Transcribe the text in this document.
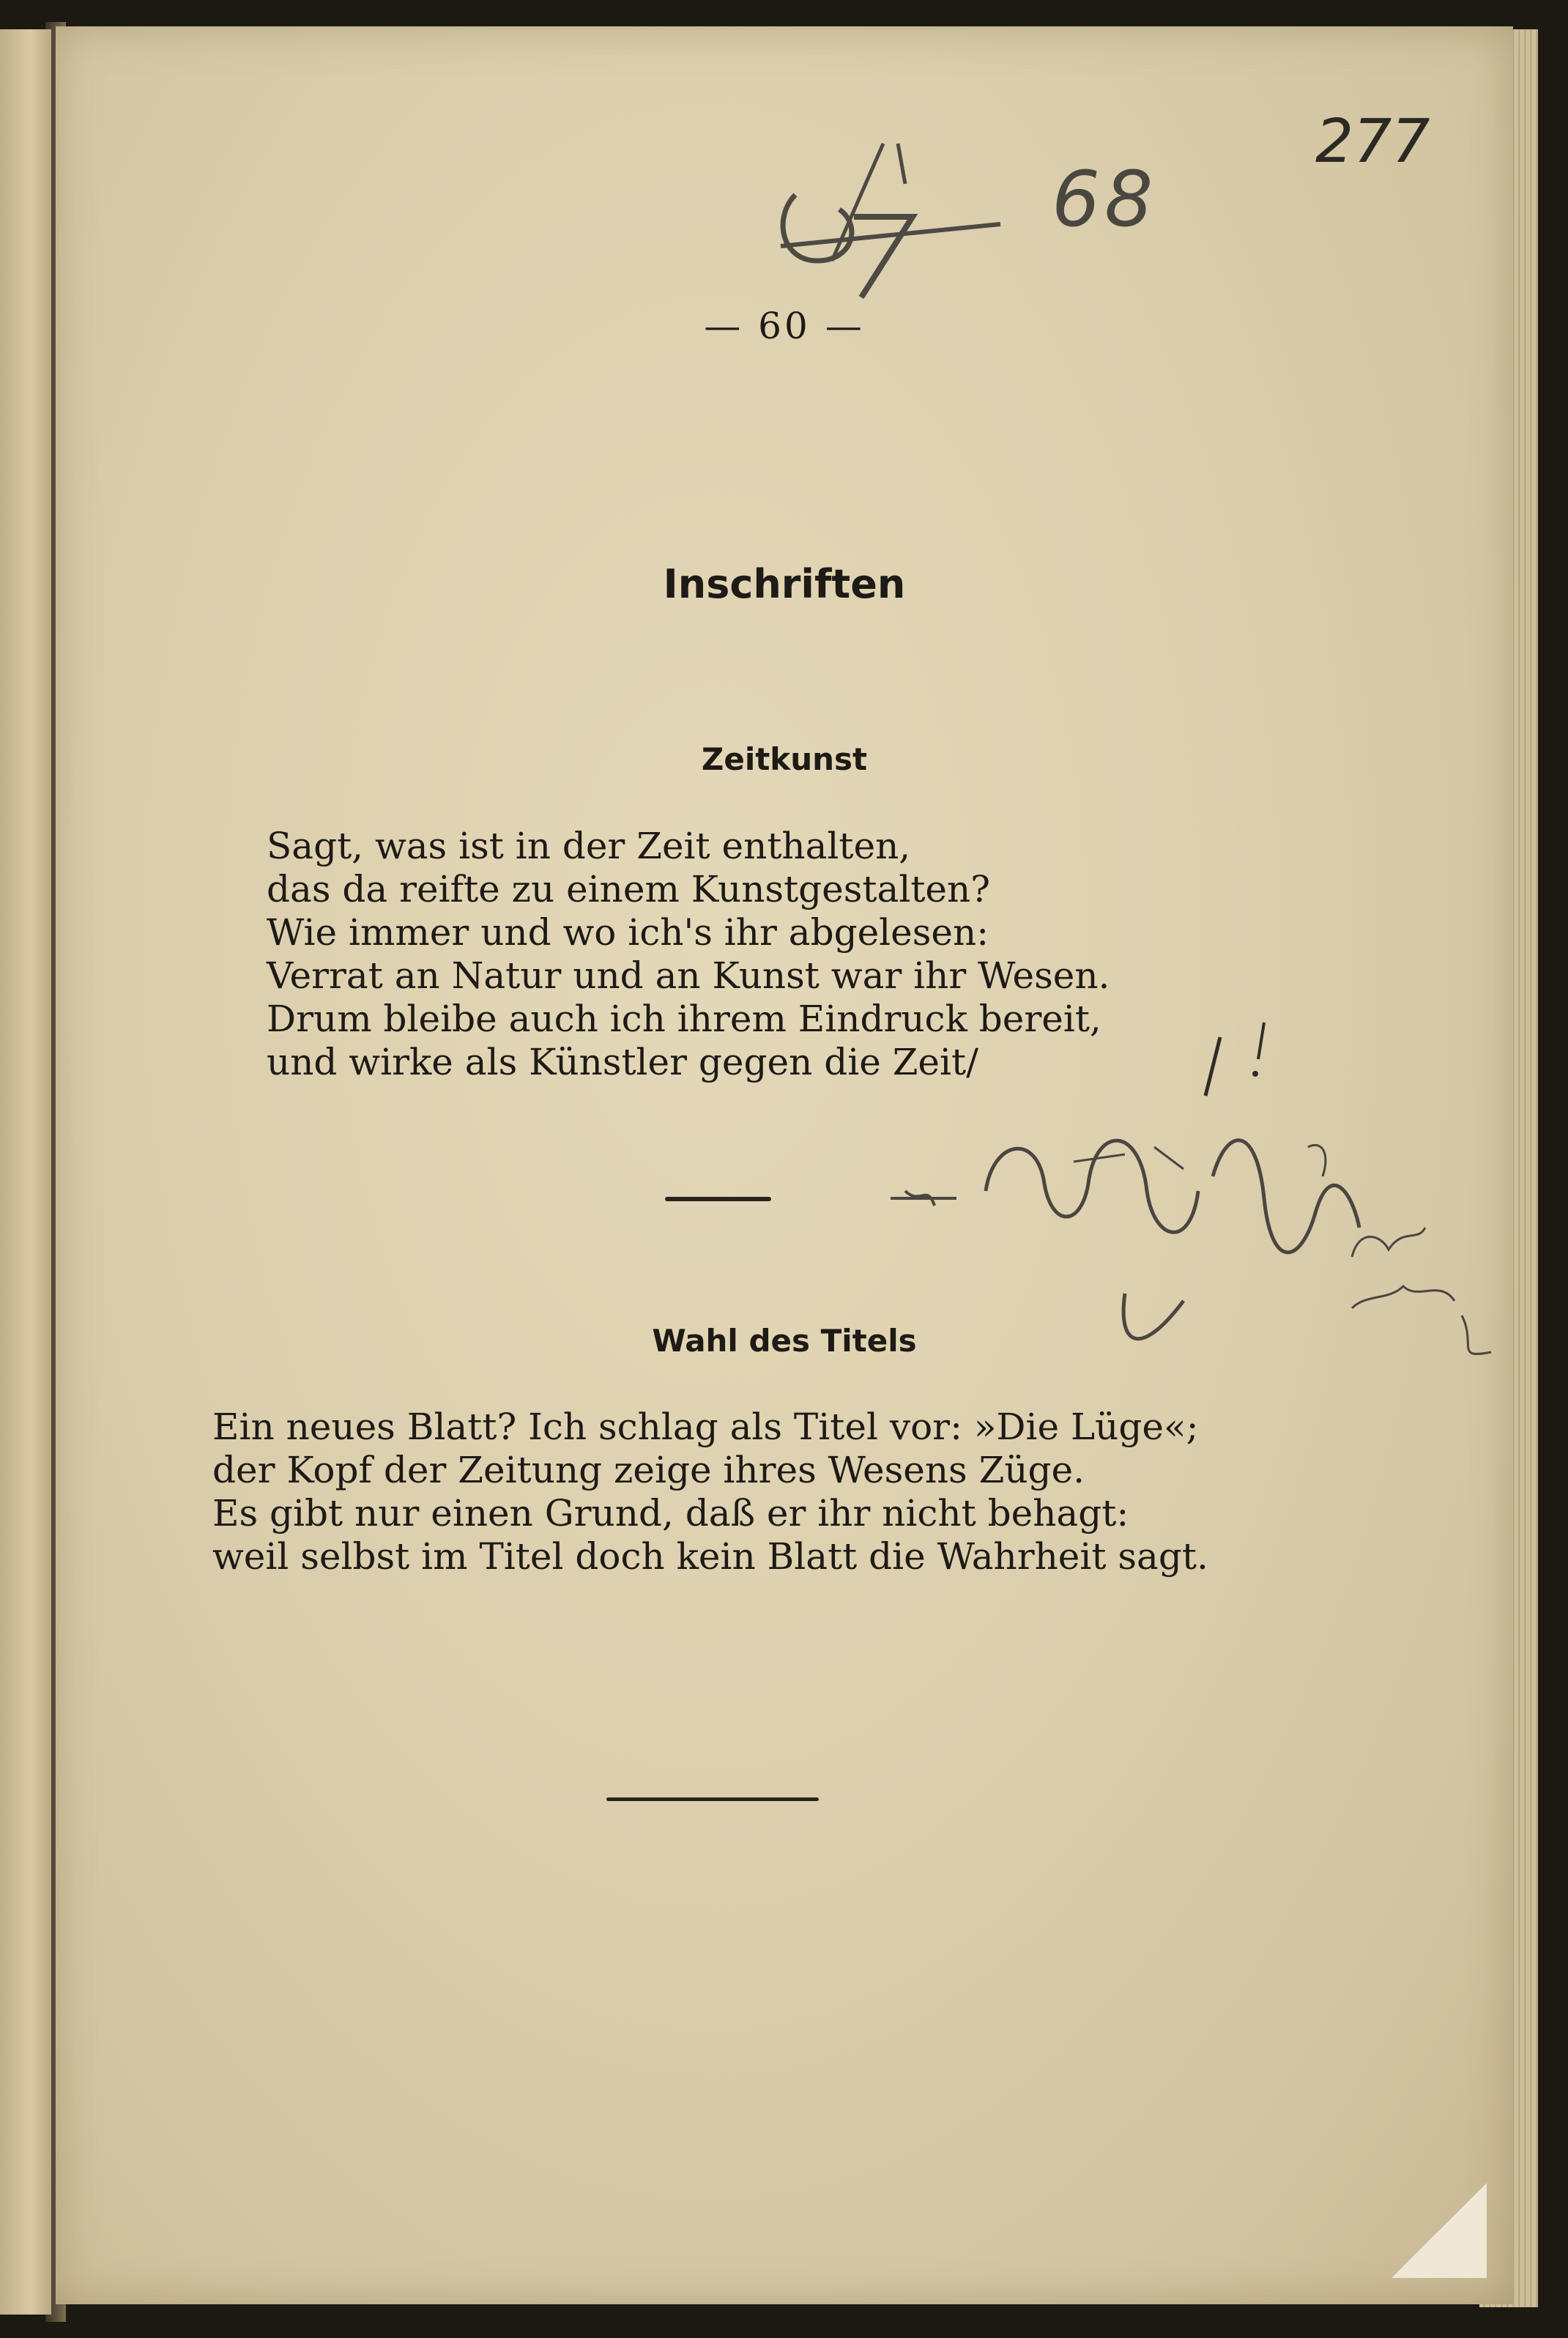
277
68
— 60 —
Inschriften
Zeitkunst
Sagt, was ist in der Zeit enthalten,
das da reifte zu einem Kunstgestalten?
Wie immer und wo ich's ihr abgelesen:
Verrat an Natur und an Kunst war ihr Wesen.
Drum bleibe auch ich ihrem Eindruck bereit,
und wirke als Künstler gegen die Zeit/
Wahl des Titels
Ein neues Blatt? Ich schlag als Titel vor: »Die Lüge«;
der Kopf der Zeitung zeige ihres Wesens Züge.
Es gibt nur einen Grund, daß er ihr nicht behagt:
weil selbst im Titel doch kein Blatt die Wahrheit sagt.
